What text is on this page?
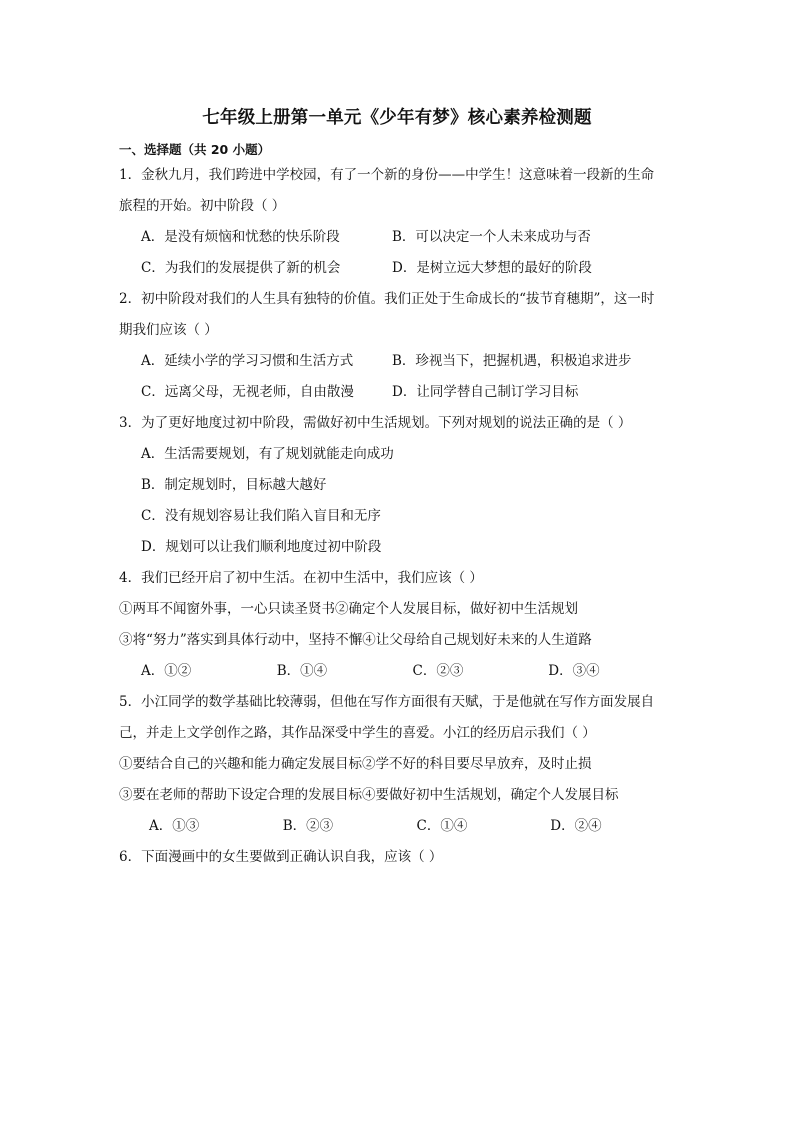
七年级上册第一单元《少年有梦》核心素养检测题
一、选择题（共 20 小题）
1．金秋九月，我们跨进中学校园，有了一个新的身份——中学生！这意味着一段新的生命
旅程的开始。初中阶段（ ）
A．是没有烦恼和忧愁的快乐阶段	B．可以决定一个人未来成功与否
C．为我们的发展提供了新的机会	D．是树立远大梦想的最好的阶段
2．初中阶段对我们的人生具有独特的价值。我们正处于生命成长的“拔节育穗期”，这一时
期我们应该（ ）
A．延续小学的学习习惯和生活方式	B．珍视当下，把握机遇，积极追求进步
C．远离父母，无视老师，自由散漫	D．让同学替自己制订学习目标
3．为了更好地度过初中阶段，需做好初中生活规划。下列对规划的说法正确的是（ ）
A．生活需要规划，有了规划就能走向成功
B．制定规划时，目标越大越好
C．没有规划容易让我们陷入盲目和无序
D．规划可以让我们顺利地度过初中阶段
4．我们已经开启了初中生活。在初中生活中，我们应该（ ）
①两耳不闻窗外事，一心只读圣贤书②确定个人发展目标，做好初中生活规划
③将“努力”落实到具体行动中，坚持不懈④让父母给自己规划好未来的人生道路
A．①②	B．①④	C．②③	D．③④
5．小江同学的数学基础比较薄弱，但他在写作方面很有天赋，于是他就在写作方面发展自
己，并走上文学创作之路，其作品深受中学生的喜爱。小江的经历启示我们（ ）
①要结合自己的兴趣和能力确定发展目标②学不好的科目要尽早放弃，及时止损
③要在老师的帮助下设定合理的发展目标④要做好初中生活规划，确定个人发展目标
A．①③	B．②③	C．①④	D．②④
6．下面漫画中的女生要做到正确认识自我，应该（ ）
